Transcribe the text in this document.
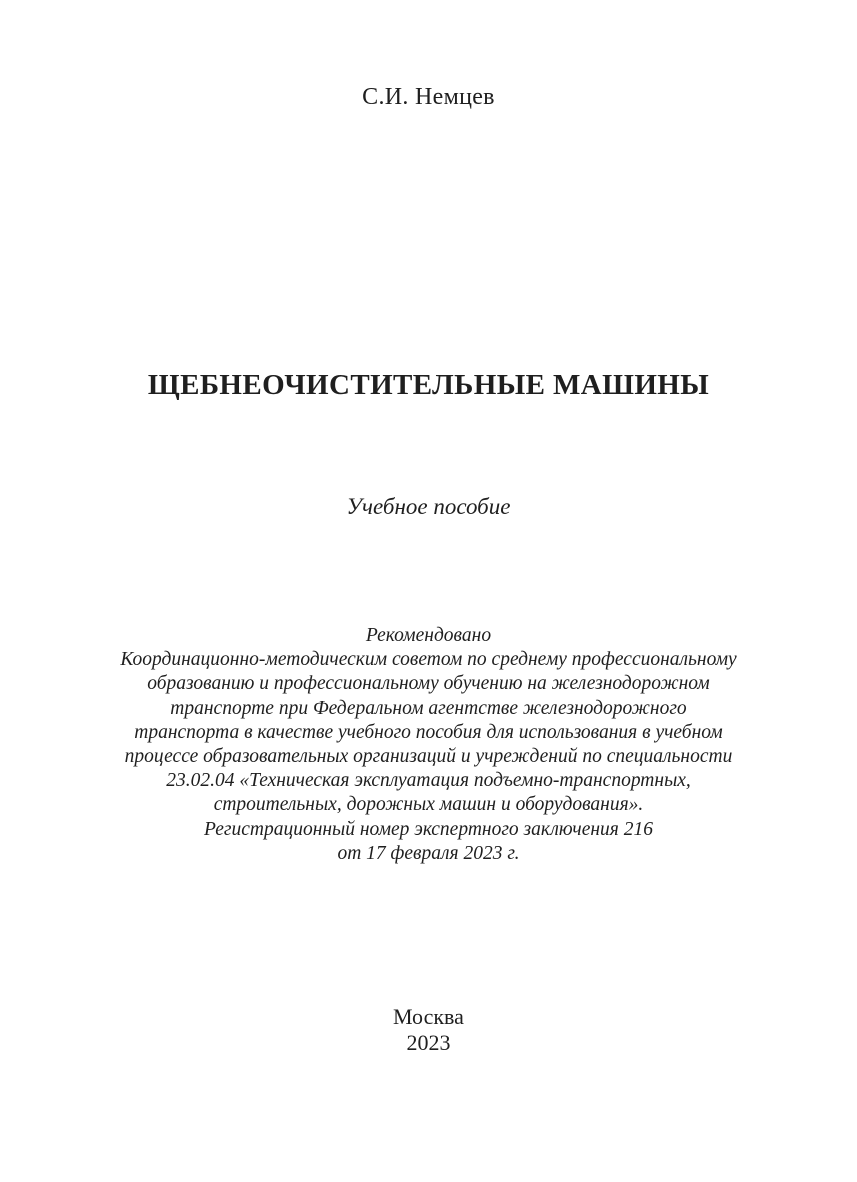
С.И. Немцев
ЩЕБНЕОЧИСТИТЕЛЬНЫЕ МАШИНЫ
Учебное пособие
Рекомендовано
Координационно-методическим советом по среднему профессиональному
образованию и профессиональному обучению на железнодорожном
транспорте при Федеральном агентстве железнодорожного
транспорта в качестве учебного пособия для использования в учебном
процессе образовательных организаций и учреждений по специальности
23.02.04 «Техническая эксплуатация подъемно-транспортных,
строительных, дорожных машин и оборудования».
Регистрационный номер экспертного заключения 216
от 17 февраля 2023 г.
Москва
2023
